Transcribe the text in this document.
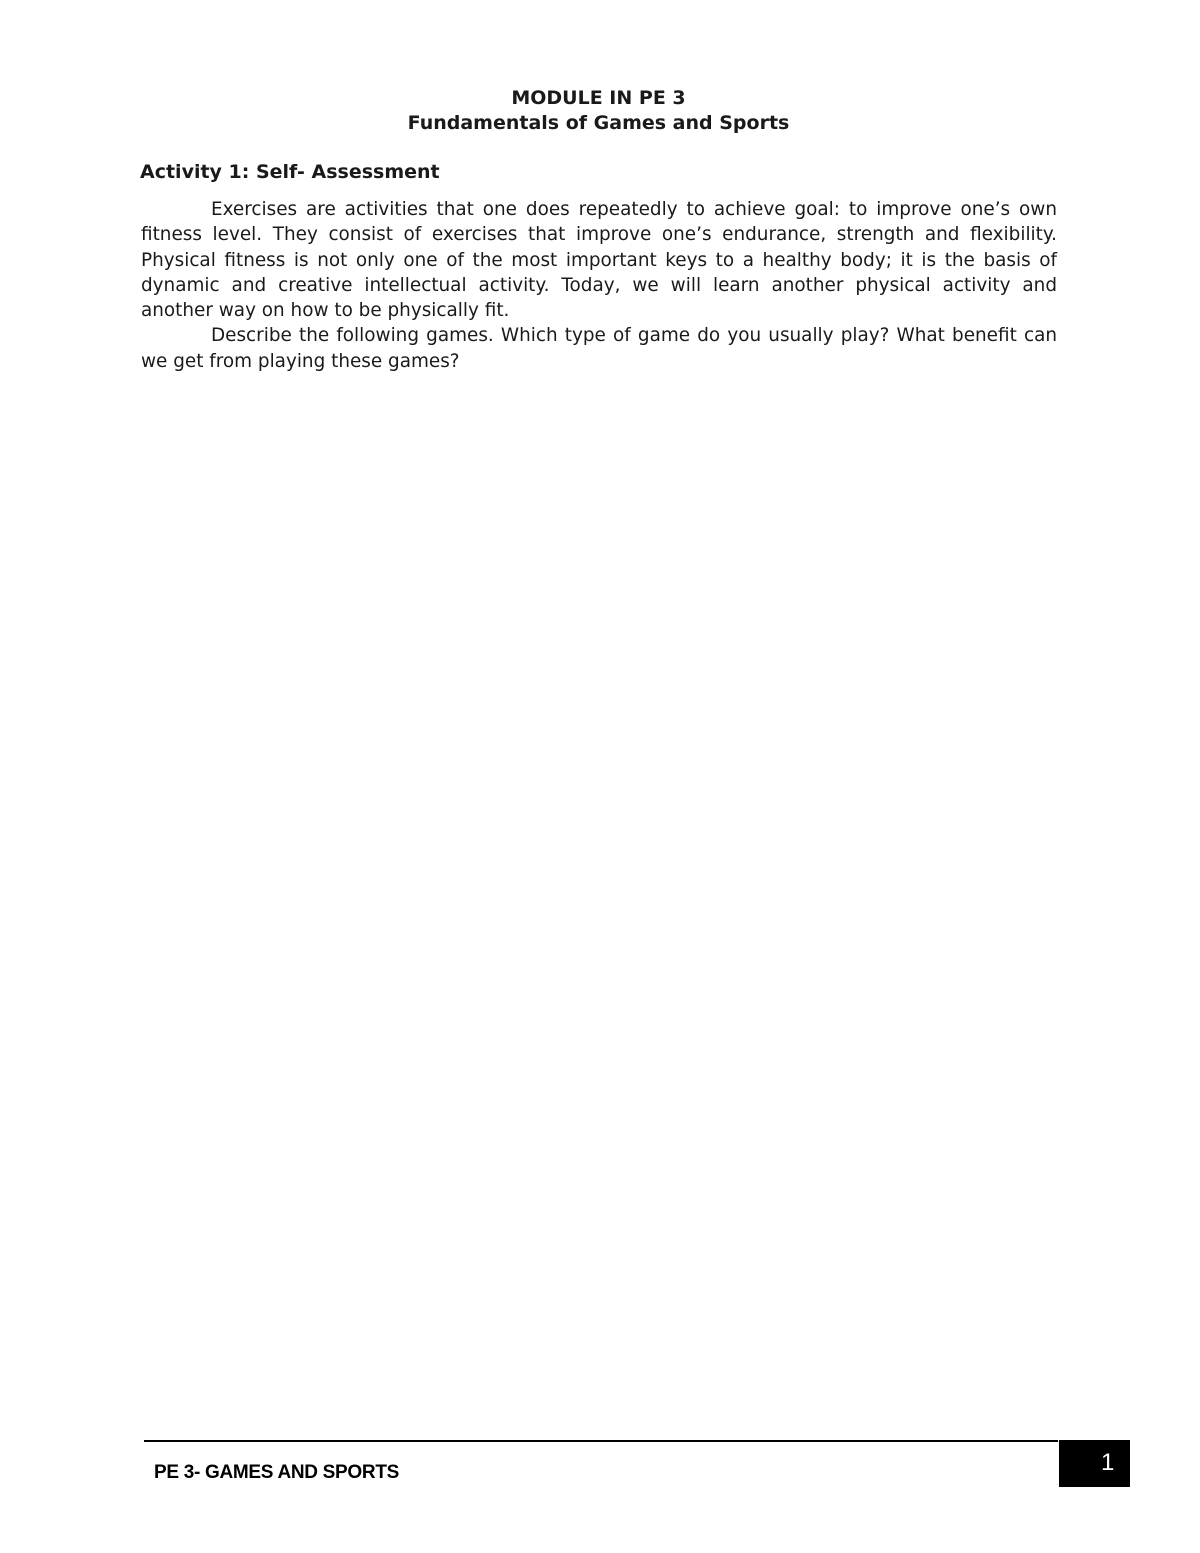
MODULE IN PE 3
Fundamentals of Games and Sports
Activity 1: Self- Assessment

Exercises are activities that one does repeatedly to achieve goal: to improve one’s own fitness level. They consist of exercises that improve one’s endurance, strength and flexibility. Physical fitness is not only one of the most important keys to a healthy body; it is the basis of dynamic and creative intellectual activity. Today, we will learn another physical activity and another way on how to be physically fit.

Describe the following games. Which type of game do you usually play? What benefit can we get from playing these games?

PE 3- GAMES AND SPORTS	1
